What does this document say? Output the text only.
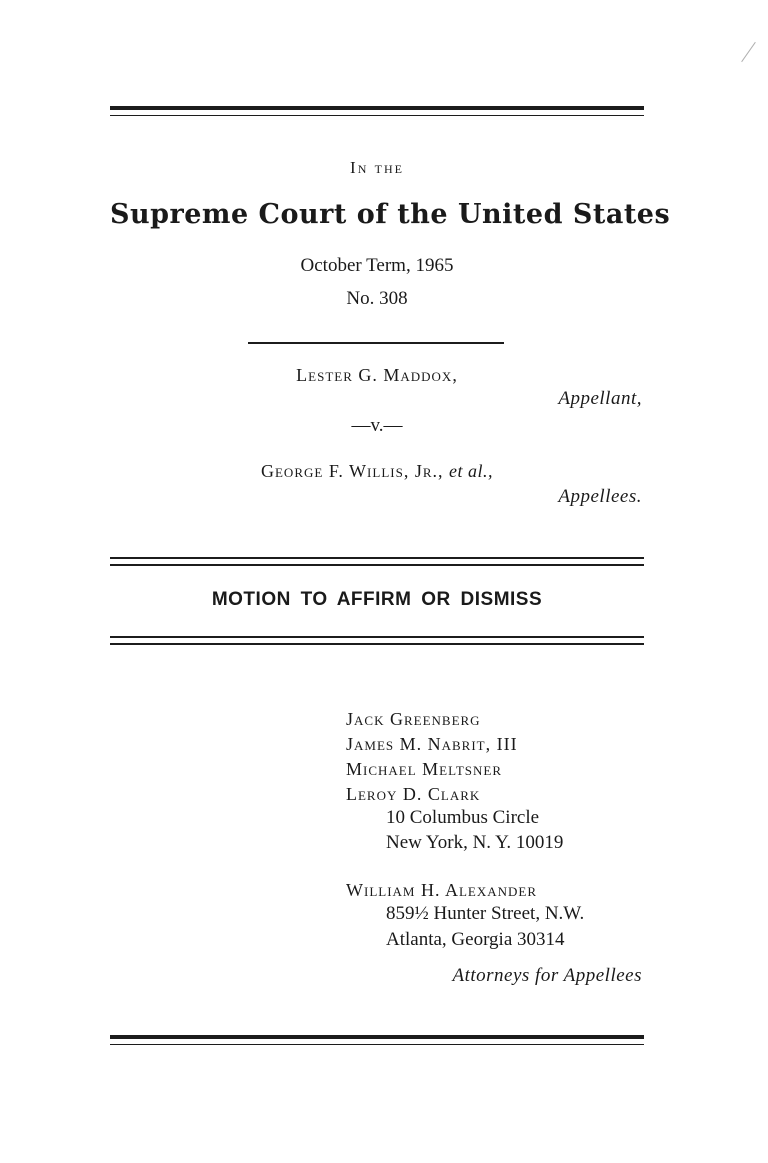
In the
Supreme Court of the United States
October Term, 1965
No. 308
Lester G. Maddox,
Appellant,
—v.—
George F. Willis, Jr., et al.,
Appellees.
MOTION TO AFFIRM OR DISMISS
Jack Greenberg
James M. Nabrit, III
Michael Meltsner
Leroy D. Clark
10 Columbus Circle
New York, N. Y. 10019
William H. Alexander
859½ Hunter Street, N.W.
Atlanta, Georgia 30314
Attorneys for Appellees
